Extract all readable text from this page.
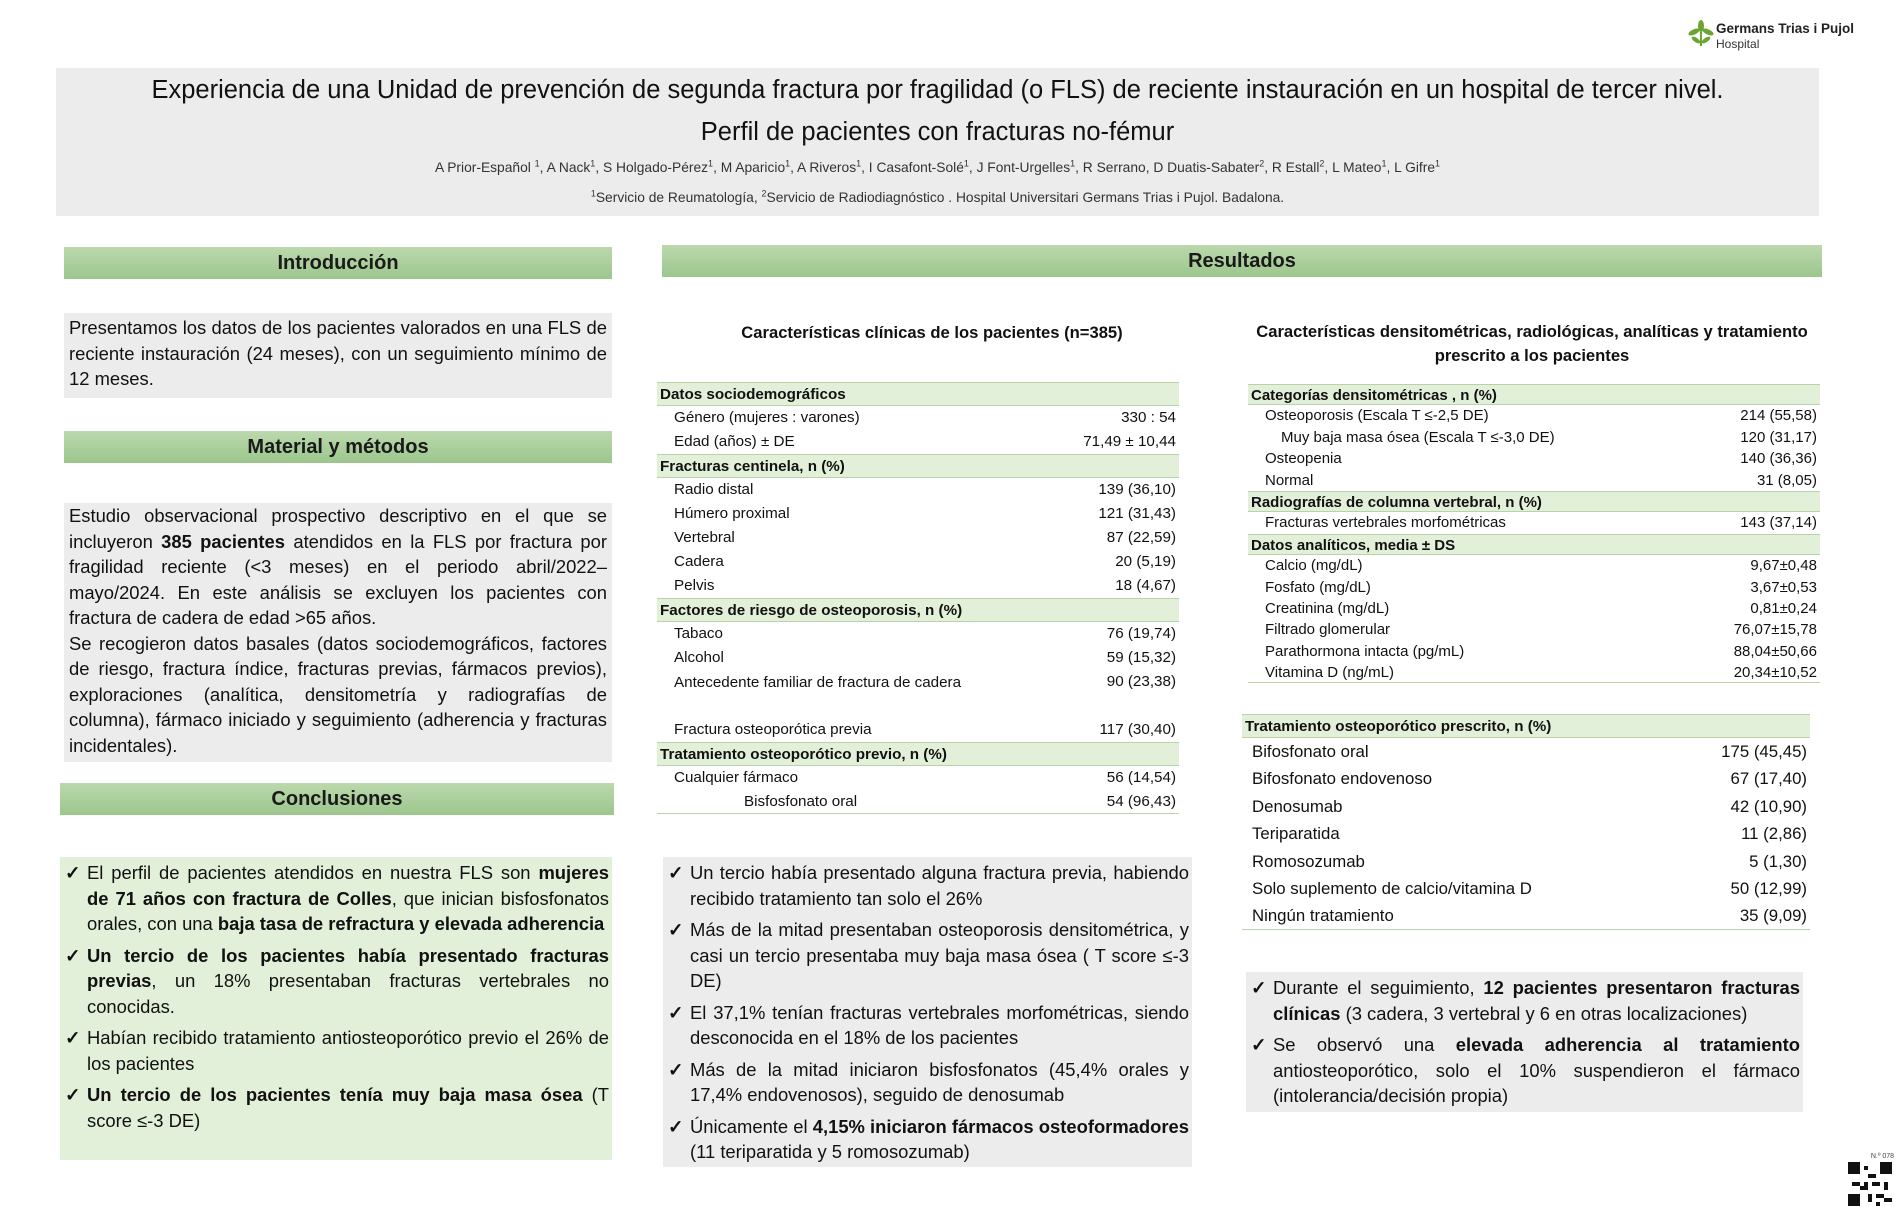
Germans Trias i Pujol
Hospital
Experiencia de una Unidad de prevención de segunda fractura por fragilidad (o FLS) de reciente instauración en un hospital de tercer nivel.
Perfil de pacientes con fracturas no-fémur
A Prior-Español $^1$, A Nack$^1$, S Holgado-Pérez$^1$, M Aparicio$^1$, A Riveros$^1$, I Casafont-Solé$^1$, J Font-Urgelles$^1$, R Serrano, D Duatis-Sabater$^2$, R Estall$^2$, L Mateo$^1$, L Gifre$^1$
$^1$Servicio de Reumatología, $^2$Servicio de Radiodiagnóstico . Hospital Universitari Germans Trias i Pujol. Badalona.
Introducción

Presentamos los datos de los pacientes valorados en una FLS de reciente instauración (24 meses), con un seguimiento mínimo de 12 meses.

Material y métodos

Estudio observacional prospectivo descriptivo en el que se incluyeron 385 pacientes atendidos en la FLS por fractura por fragilidad reciente (<3 meses) en el periodo abril/2022–mayo/2024. En este análisis se excluyen los pacientes con fractura de cadera de edad >65 años.

Se recogieron datos basales (datos sociodemográficos, factores de riesgo, fractura índice, fracturas previas, fármacos previos), exploraciones (analítica, densitometría y radiografías de columna), fármaco iniciado y seguimiento (adherencia y fracturas incidentales).

Conclusiones
✓ El perfil de pacientes atendidos en nuestra FLS son mujeres de 71 años con fractura de Colles, que inician bisfosfonatos orales, con una baja tasa de refractura y elevada adherencia
✓ Un tercio de los pacientes había presentado fracturas previas, un 18% presentaban fracturas vertebrales no conocidas.
✓ Habían recibido tratamiento antiosteoporótico previo el 26% de los pacientes
✓ Un tercio de los pacientes tenía muy baja masa ósea (T score ≤-3 DE)
Resultados
Características clínicas de los pacientes (n=385)
Datos sociodemográficos
Género (mujeres : varones)	330 : 54
Edad (años) ± DE	71,49 ± 10,44
Fracturas centinela, n (%)
Radio distal	139 (36,10)
Húmero proximal	121 (31,43)
Vertebral	87 (22,59)
Cadera	20 (5,19)
Pelvis	18 (4,67)
Factores de riesgo de osteoporosis, n (%)
Tabaco	76 (19,74)
Alcohol	59 (15,32)
Antecedente familiar de fractura de cadera	90 (23,38)
Fractura osteoporótica previa	117 (30,40)
Tratamiento osteoporótico previo, n (%)
Cualquier fármaco	56 (14,54)
Bisfosfonato oral	54 (96,43)
Características densitométricas, radiológicas, analíticas y tratamiento prescrito a los pacientes
Categorías densitométricas , n (%)
Osteoporosis (Escala T ≤-2,5 DE)	214 (55,58)
Muy baja masa ósea (Escala T ≤-3,0 DE)	120 (31,17)
Osteopenia	140 (36,36)
Normal	31 (8,05)
Radiografías de columna vertebral, n (%)
Fracturas vertebrales morfométricas	143 (37,14)
Datos analíticos, media ± DS
Calcio (mg/dL)	9,67±0,48
Fosfato (mg/dL)	3,67±0,53
Creatinina (mg/dL)	0,81±0,24
Filtrado glomerular	76,07±15,78
Parathormona intacta (pg/mL)	88,04±50,66
Vitamina D (ng/mL)	20,34±10,52
Tratamiento osteoporótico prescrito, n (%)
Bifosfonato oral	175 (45,45)
Bifosfonato endovenoso	67 (17,40)
Denosumab	42 (10,90)
Teriparatida	11 (2,86)
Romosozumab	5 (1,30)
Solo suplemento de calcio/vitamina D	50 (12,99)
Ningún tratamiento	35 (9,09)
✓ Un tercio había presentado alguna fractura previa, habiendo recibido tratamiento tan solo el 26%
✓ Más de la mitad presentaban osteoporosis densitométrica, y casi un tercio presentaba muy baja masa ósea ( T score ≤-3 DE)
✓ El 37,1% tenían fracturas vertebrales morfométricas, siendo desconocida en el 18% de los pacientes
✓ Más de la mitad iniciaron bisfosfonatos (45,4% orales y 17,4% endovenosos), seguido de denosumab
✓ Únicamente el 4,15% iniciaron fármacos osteoformadores (11 teriparatida y 5 romosozumab)
✓ Durante el seguimiento, 12 pacientes presentaron fracturas clínicas (3 cadera, 3 vertebral y 6 en otras localizaciones)
✓ Se observó una elevada adherencia al tratamiento antiosteoporótico, solo el 10% suspendieron el fármaco (intolerancia/decisión propia)
N.º 078
